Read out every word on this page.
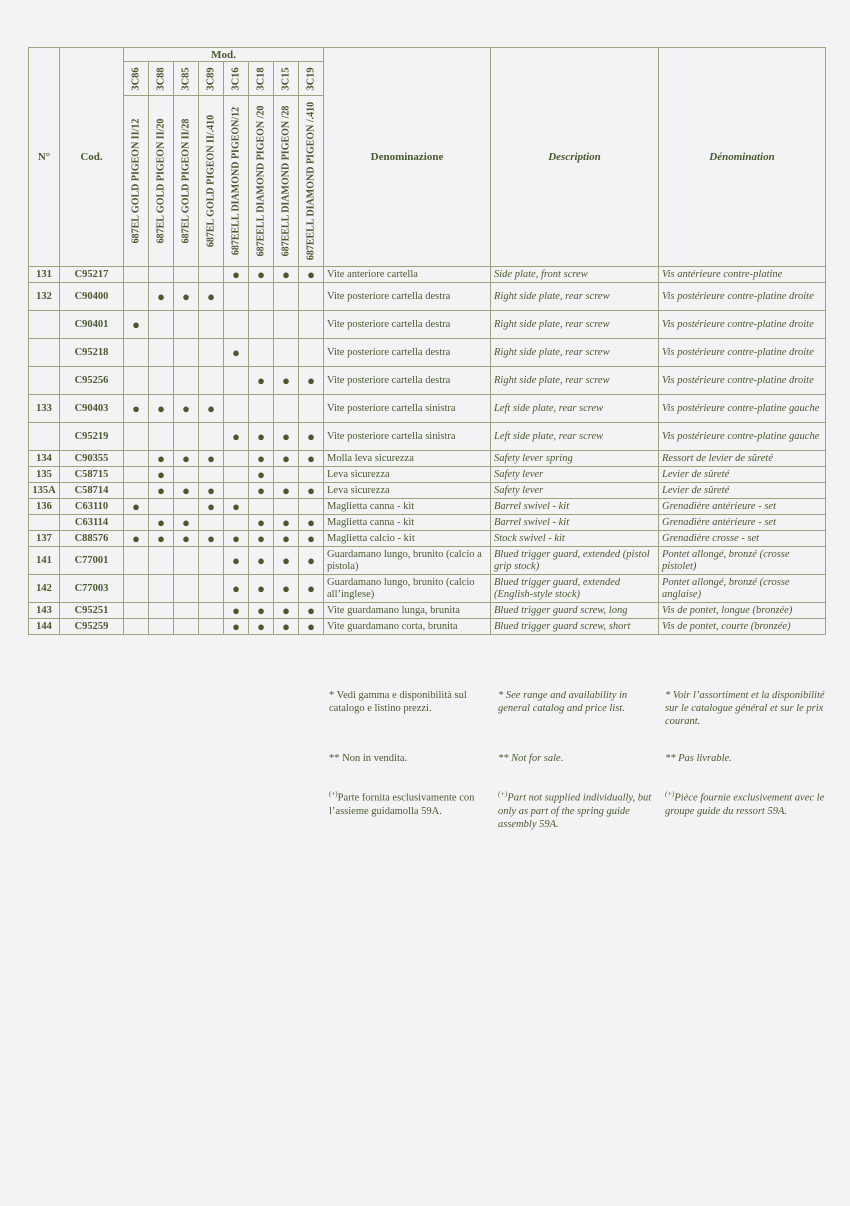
N°	Cod.	Mod.								Denominazione	Description	Dénomination

		3C86	3C88	3C85	3C89	3C16	3C18	3C15	3C19			

		687EL GOLD PIGEON II/12	687EL GOLD PIGEON II/20	687EL GOLD PIGEON II/28	687EL GOLD PIGEON II/.410	687EELL DIAMOND PIGEON/12	687EELL DIAMOND PIGEON /20	687EELL DIAMOND PIGEON /28	687EELL DIAMOND PIGEON /.410			

131	C95217					●	●	●	●	Vite anteriore cartella	Side plate, front screw	Vis antérieure contre-platine
132	C90400		●	●	●					Vite posteriore cartella destra	Right side plate, rear screw	Vis postérieure contre-platine droite
	C90401	●								Vite posteriore cartella destra	Right side plate, rear screw	Vis postérieure contre-platine droite
	C95218					●				Vite posteriore cartella destra	Right side plate, rear screw	Vis postérieure contre-platine droite
	C95256						●	●	●	Vite posteriore cartella destra	Right side plate, rear screw	Vis postérieure contre-platine droite
133	C90403	●	●	●	●					Vite posteriore cartella sinistra	Left side plate, rear screw	Vis postérieure contre-platine gauche
	C95219					●	●	●	●	Vite posteriore cartella sinistra	Left side plate, rear screw	Vis postérieure contre-platine gauche
134	C90355		●	●	●		●	●	●	Molla leva sicurezza	Safety lever spring	Ressort de levier de sûreté
135	C58715		●				●			Leva sicurezza	Safety lever	Levier de sûreté
135A	C58714		●	●	●		●	●	●	Leva sicurezza	Safety lever	Levier de sûreté
136	C63110	●			●	●				Maglietta canna - kit	Barrel swivel - kit	Grenadière antérieure - set
	C63114		●	●			●	●	●	Maglietta canna - kit	Barrel swivel - kit	Grenadière antérieure - set
137	C88576	●	●	●	●	●	●	●	●	Maglietta calcio - kit	Stock swivel - kit	Grenadière crosse - set
141	C77001					●	●	●	●	Guardamano lungo, brunito (calcio a pistola)	Blued trigger guard, extended (pistol grip stock)	Pontet allongé, bronzé (crosse pistolet)
142	C77003					●	●	●	●	Guardamano lungo, brunito (calcio all’inglese)	Blued trigger guard, extended (English-style stock)	Pontet allongé, bronzé (crosse anglaise)
143	C95251					●	●	●	●	Vite guardamano lunga, brunita	Blued trigger guard screw, long	Vis de pontet, longue (bronzée)
144	C95259					●	●	●	●	Vite guardamano corta, brunita	Blued trigger guard screw, short	Vis de pontet, courte (bronzée)
* Vedi gamma e disponibilità sul catalogo e listino prezzi.
** Non in vendita.
(+)Parte fornita esclusivamente con l’assieme guidamolla 59A.
* See range and availability in general catalog and price list.
** Not for sale.
(+)Part not supplied individually, but only as part of the spring guide assembly 59A.
* Voir l’assortiment et la disponibilité sur le catalogue général et sur le prix courant.
** Pas livrable.
(+)Pièce fournie exclusivement avec le groupe guide du ressort 59A.
